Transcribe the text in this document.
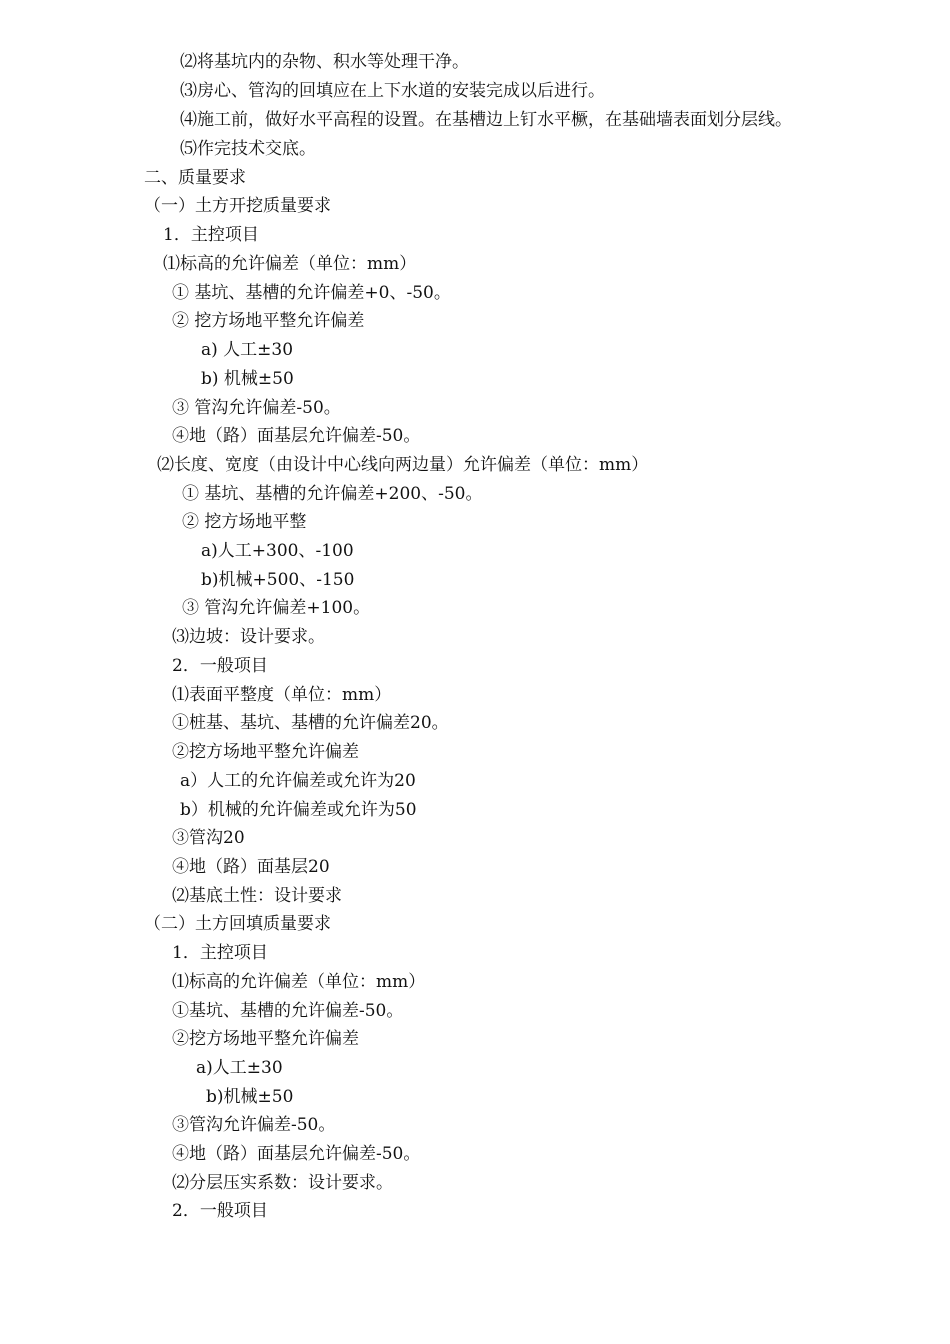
⑵将基坑内的杂物、积水等处理干净。
⑶房心、管沟的回填应在上下水道的安装完成以后进行。
⑷施工前，做好水平高程的设置。在基槽边上钉水平橛，在基础墙表面划分层线。
⑸作完技术交底。
二、质量要求
（一）土方开挖质量要求
1．主控项目
⑴标高的允许偏差（单位：mm）
① 基坑、基槽的允许偏差+0、-50。
② 挖方场地平整允许偏差
a) 人工±30
b) 机械±50
③ 管沟允许偏差-50。
④地（路）面基层允许偏差-50。
⑵长度、宽度（由设计中心线向两边量）允许偏差（单位：mm）
① 基坑、基槽的允许偏差+200、-50。
② 挖方场地平整
a)人工+300、-100
b)机械+500、-150
③ 管沟允许偏差+100。
⑶边坡：设计要求。
2．一般项目
⑴表面平整度（单位：mm）
①桩基、基坑、基槽的允许偏差20。
②挖方场地平整允许偏差
a）人工的允许偏差或允许为20
b）机械的允许偏差或允许为50
③管沟20
④地（路）面基层20
⑵基底土性：设计要求
（二）土方回填质量要求
1．主控项目
⑴标高的允许偏差（单位：mm）
①基坑、基槽的允许偏差-50。
②挖方场地平整允许偏差
a)人工±30
b)机械±50
③管沟允许偏差-50。
④地（路）面基层允许偏差-50。
⑵分层压实系数：设计要求。
2．一般项目
